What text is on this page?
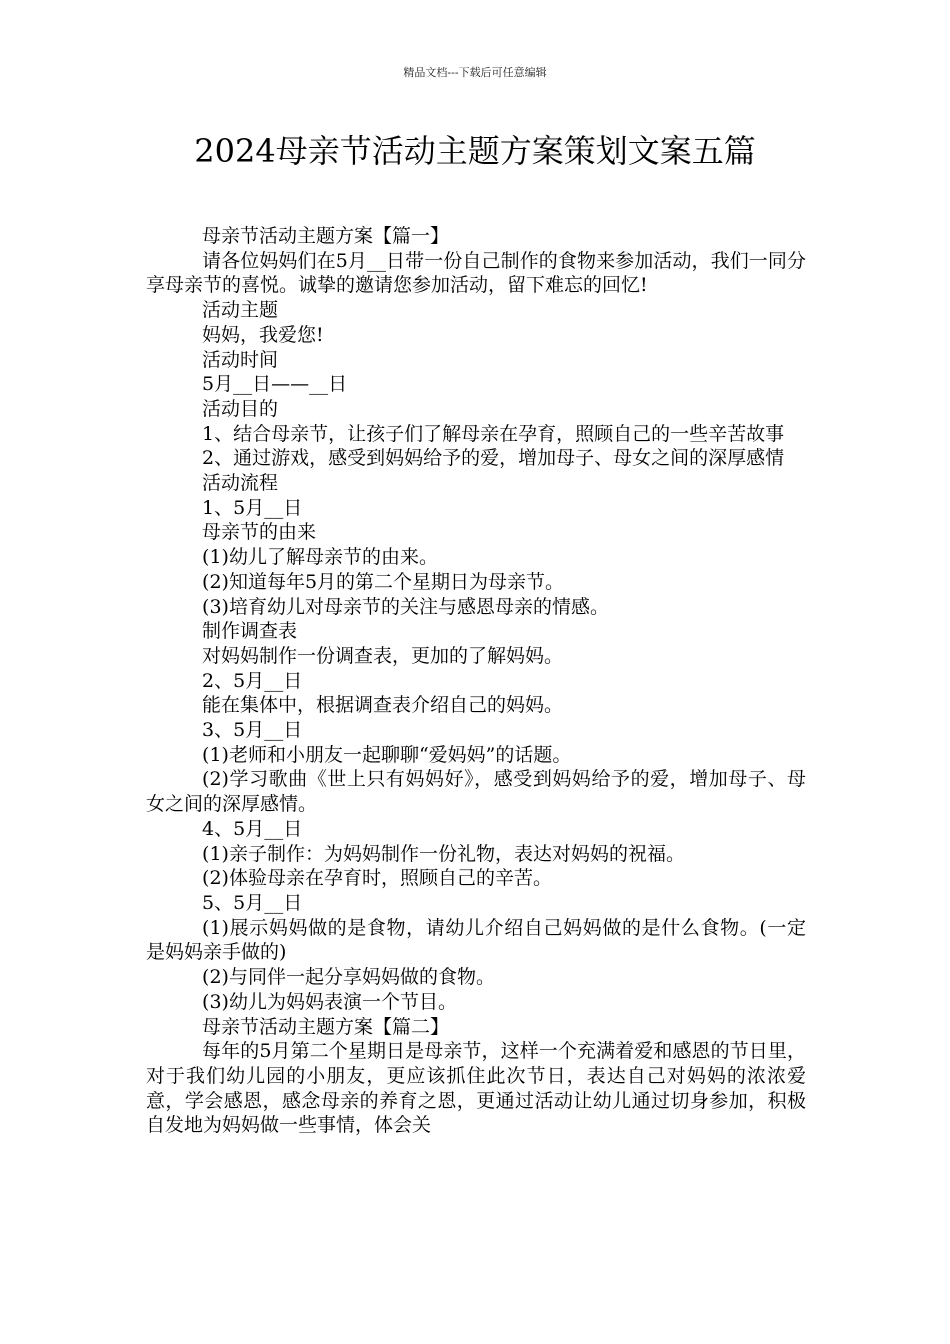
精品文档---下载后可任意编辑
2024母亲节活动主题方案策划文案五篇

母亲节活动主题方案【篇一】

请各位妈妈们在5月__日带一份自己制作的食物来参加活动，我们一同分享母亲节的喜悦。诚挚的邀请您参加活动，留下难忘的回忆!

活动主题

妈妈，我爱您!

活动时间

5月__日——__日

活动目的

1、结合母亲节，让孩子们了解母亲在孕育，照顾自己的一些辛苦故事

2、通过游戏，感受到妈妈给予的爱，增加母子、母女之间的深厚感情

活动流程

1、5月__日

母亲节的由来

(1)幼儿了解母亲节的由来。

(2)知道每年5月的第二个星期日为母亲节。

(3)培育幼儿对母亲节的关注与感恩母亲的情感。

制作调查表

对妈妈制作一份调查表，更加的了解妈妈。

2、5月__日

能在集体中，根据调查表介绍自己的妈妈。

3、5月__日

(1)老师和小朋友一起聊聊“爱妈妈”的话题。

(2)学习歌曲《世上只有妈妈好》，感受到妈妈给予的爱，增加母子、母女之间的深厚感情。

4、5月__日

(1)亲子制作：为妈妈制作一份礼物，表达对妈妈的祝福。

(2)体验母亲在孕育时，照顾自己的辛苦。

5、5月__日

(1)展示妈妈做的是食物，请幼儿介绍自己妈妈做的是什么食物。(一定是妈妈亲手做的)

(2)与同伴一起分享妈妈做的食物。

(3)幼儿为妈妈表演一个节目。

母亲节活动主题方案【篇二】

每年的5月第二个星期日是母亲节，这样一个充满着爱和感恩的节日里，对于我们幼儿园的小朋友，更应该抓住此次节日，表达自己对妈妈的浓浓爱意，学会感恩，感念母亲的养育之恩，更通过活动让幼儿通过切身参加，积极自发地为妈妈做一些事情，体会关
